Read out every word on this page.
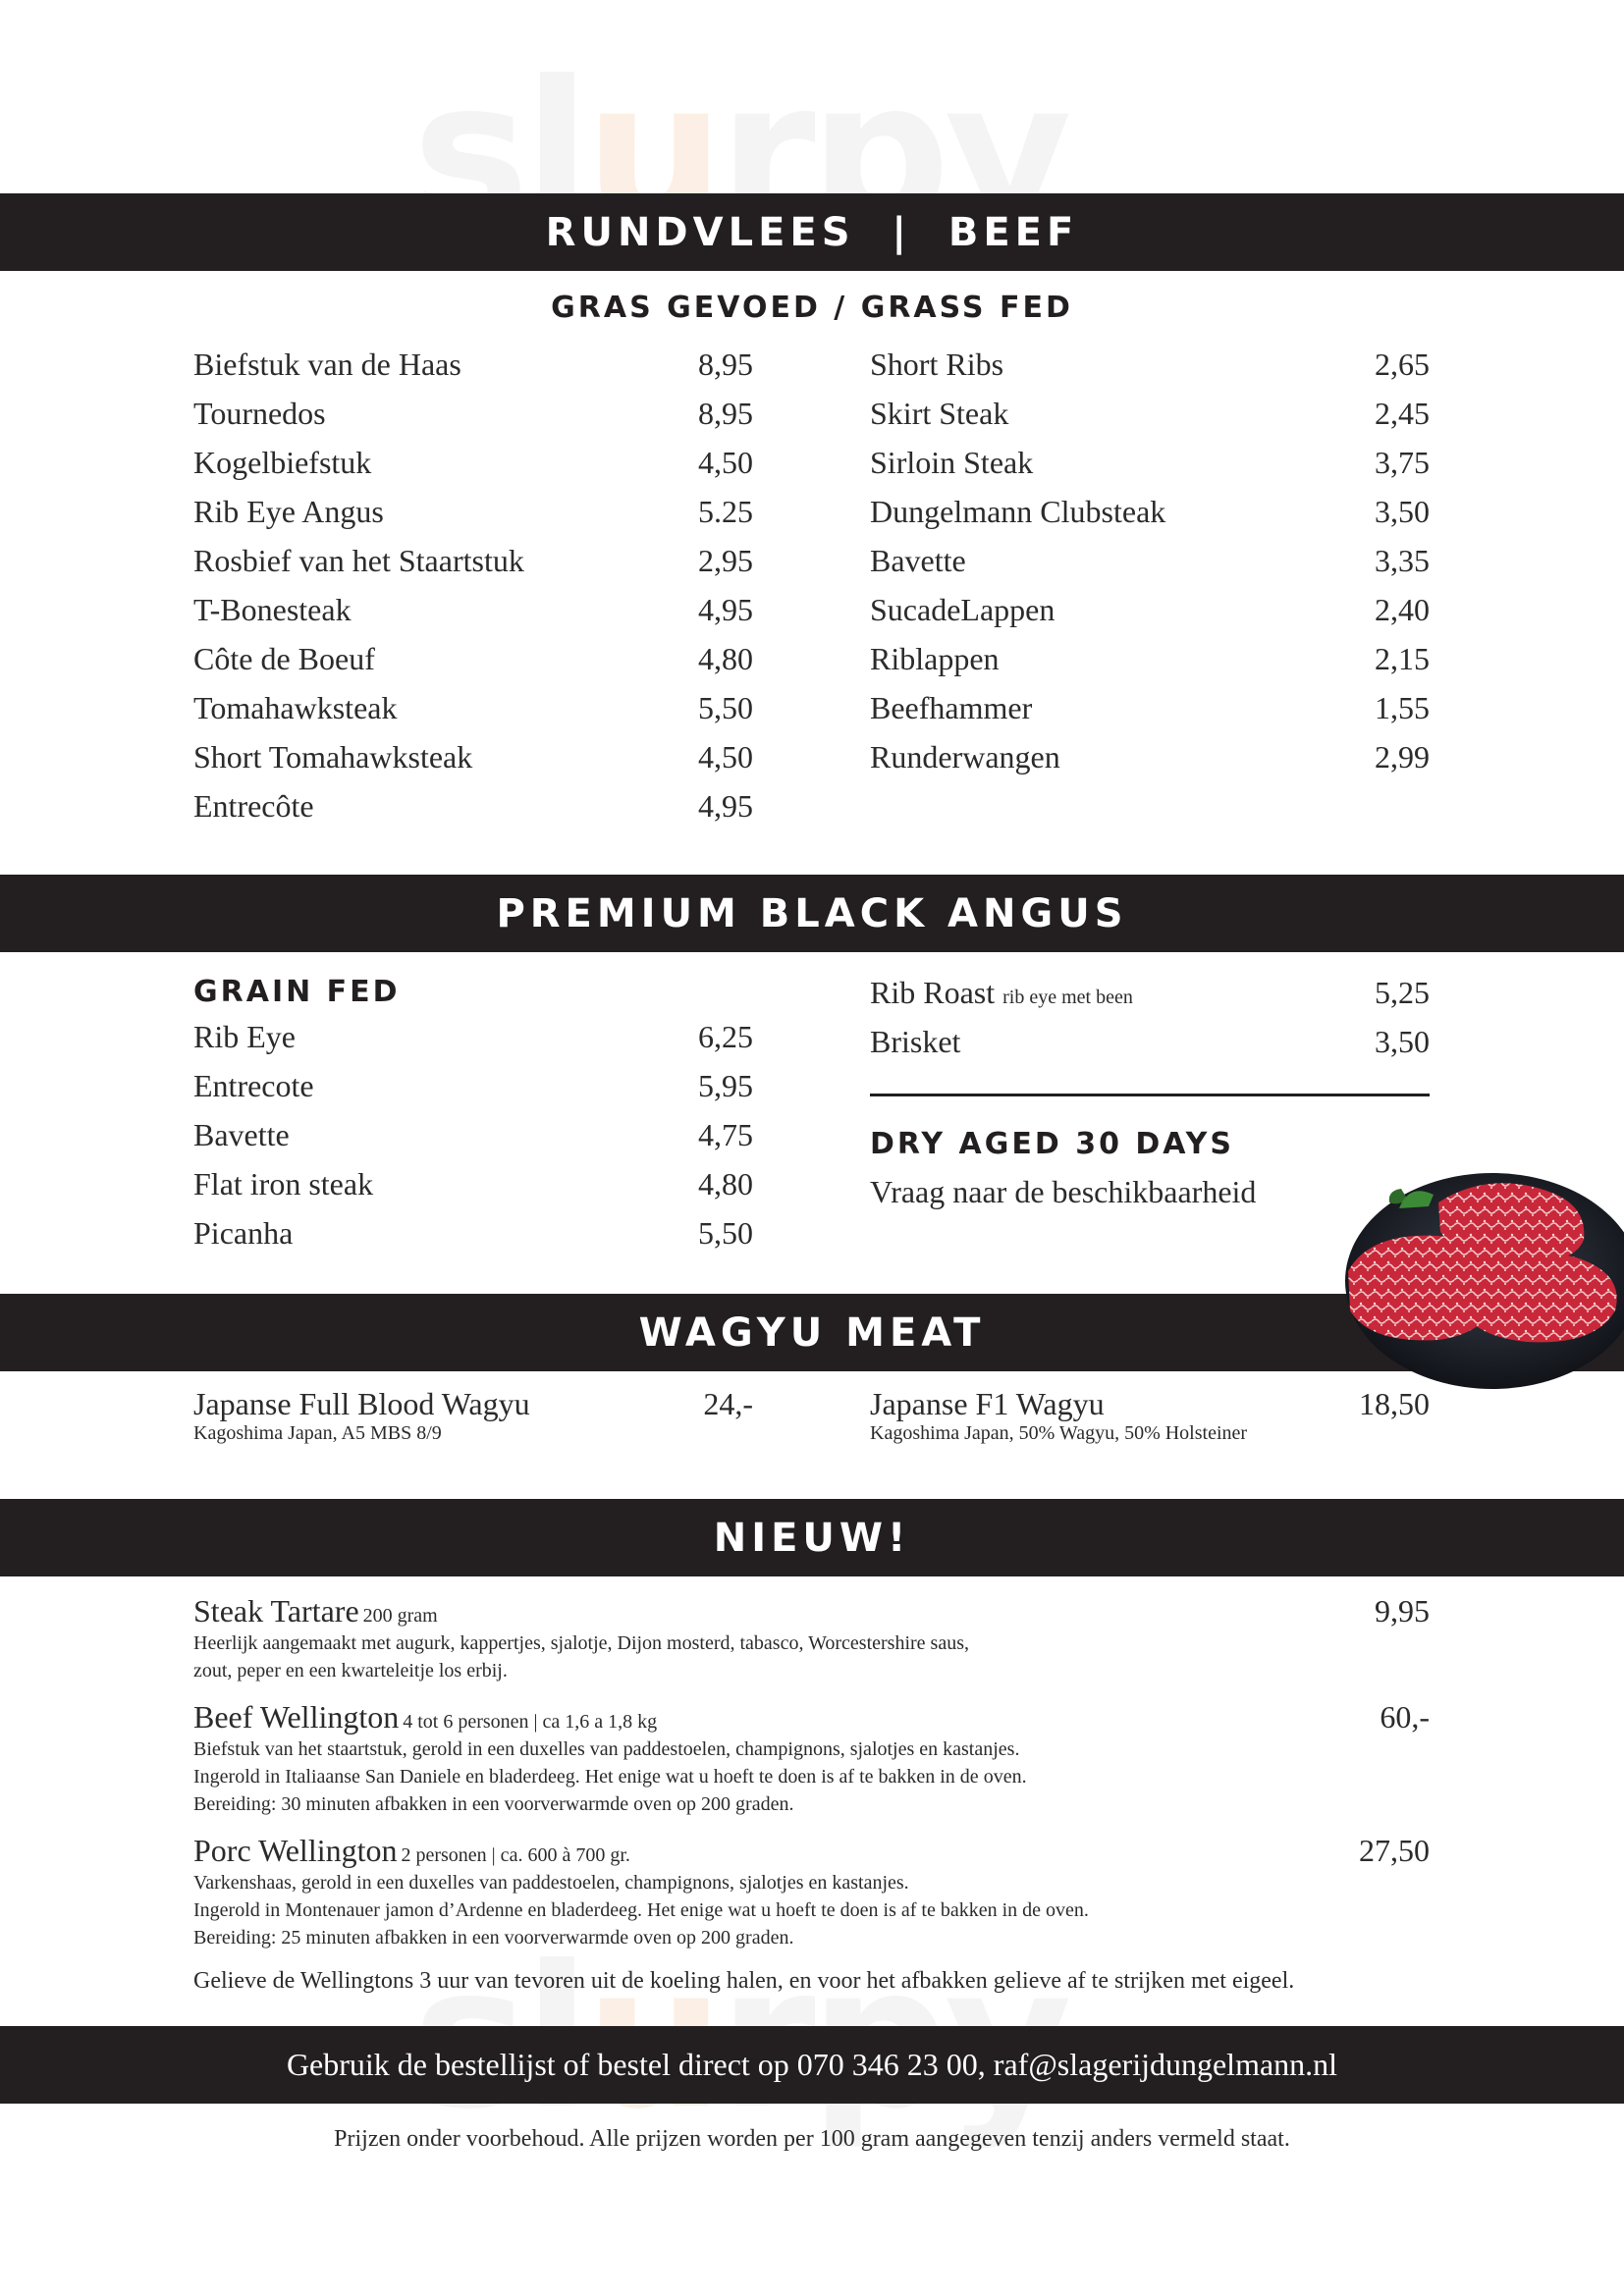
u
RUNDVLEES  |  BEEF
GRAS GEVOED / GRASS FED
Biefstuk van de Haas	8,95
Tournedos	8,95
Kogelbiefstuk	4,50
Rib Eye Angus	5.25
Rosbief van het Staartstuk	2,95
T-Bonesteak	4,95
Côte de Boeuf	4,80
Tomahawksteak	5,50
Short Tomahawksteak	4,50
Entrecôte	4,95
Short Ribs	2,65
Skirt Steak	2,45
Sirloin Steak	3,75
Dungelmann Clubsteak	3,50
Bavette	3,35
SucadeLappen	2,40
Riblappen	2,15
Beefhammer	1,55
Runderwangen	2,99
PREMIUM BLACK ANGUS
GRAIN FED
Rib Eye	6,25
Entrecote	5,95
Bavette	4,75
Flat iron steak	4,80
Picanha	5,50
Rib Roast rib eye met been	5,25
Brisket	3,50
DRY AGED 30 DAYS
Vraag naar de beschikbaarheid
WAGYU MEAT
Japanse Full Blood Wagyu	24,-
Kagoshima Japan, A5 MBS 8/9
Japanse F1 Wagyu	18,50
Kagoshima Japan, 50% Wagyu, 50% Holsteiner
NIEUW!
Steak Tartare 200 gram	9,95
Heerlijk aangemaakt met augurk, kappertjes, sjalotje, Dijon mosterd, tabasco, Worcestershire saus,
zout, peper en een kwarteleitje los erbij.
Beef Wellington 4 tot 6 personen | ca 1,6 a 1,8 kg	60,-
Biefstuk van het staartstuk, gerold in een duxelles van paddestoelen, champignons, sjalotjes en kastanjes.
Ingerold in Italiaanse San Daniele en bladerdeeg. Het enige wat u hoeft te doen is af te bakken in de oven.
Bereiding: 30 minuten afbakken in een voorverwarmde oven op 200 graden.
Porc Wellington 2 personen | ca. 600 à 700 gr.	27,50
Varkenshaas, gerold in een duxelles van paddestoelen, champignons, sjalotjes en kastanjes.
Ingerold in Montenauer jamon d’Ardenne en bladerdeeg. Het enige wat u hoeft te doen is af te bakken in de oven.
Bereiding: 25 minuten afbakken in een voorverwarmde oven op 200 graden.
Gelieve de Wellingtons 3 uur van tevoren uit de koeling halen, en voor het afbakken gelieve af te strijken met eigeel.
Gebruik de bestellijst of bestel direct op 070 346 23 00, raf@slagerijdungelmann.nl
Prijzen onder voorbehoud. Alle prijzen worden per 100 gram aangegeven tenzij anders vermeld staat.
